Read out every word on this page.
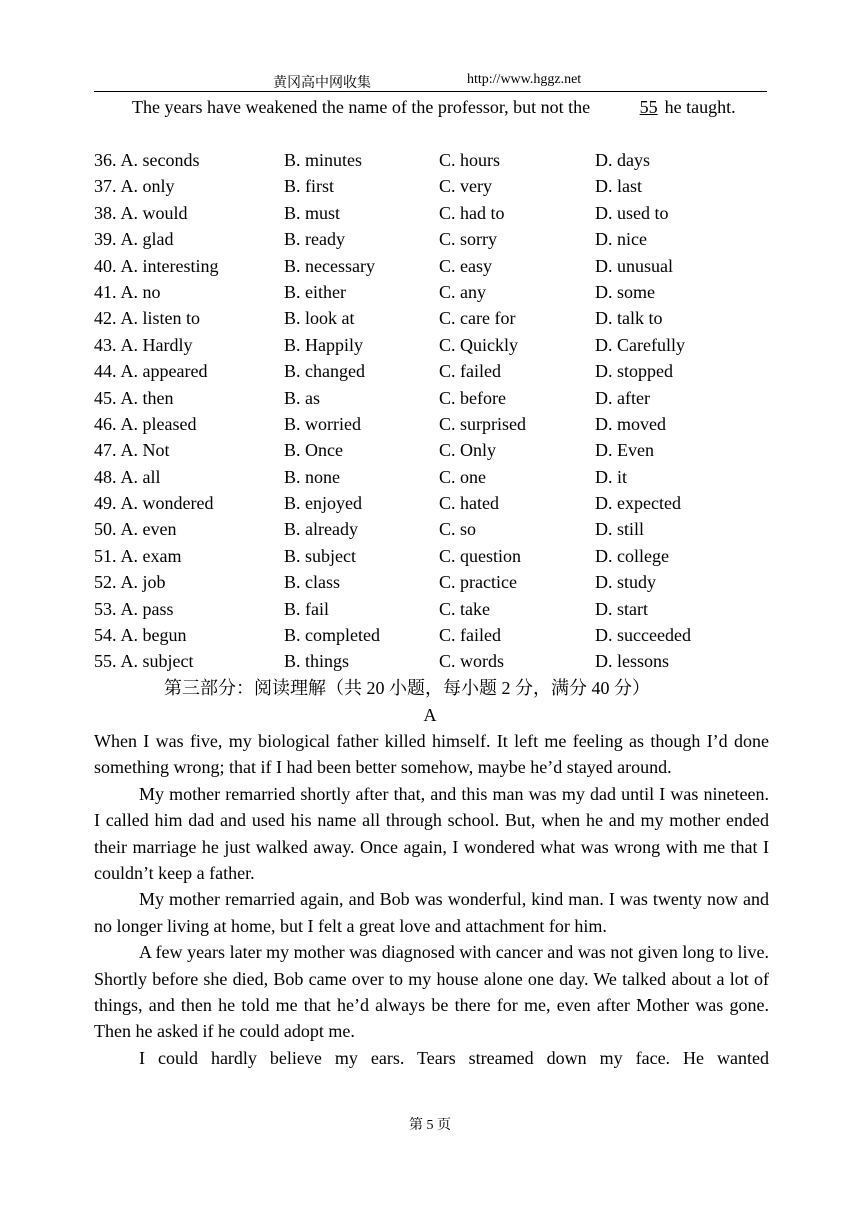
黄冈高中网收集	http://www.hggz.net

The years have weakened the name of the professor, but not the	55 he taught.

36. A. seconds	B. minutes	C. hours	D. days
37. A. only	B. first	C. very	D. last
38. A. would	B. must	C. had to	D. used to
39. A. glad	B. ready	C. sorry	D. nice
40. A. interesting	B. necessary	C. easy	D. unusual
41. A. no	B. either	C. any	D. some
42. A. listen to	B. look at	C. care for	D. talk to
43. A. Hardly	B. Happily	C. Quickly	D. Carefully
44. A. appeared	B. changed	C. failed	D. stopped
45. A. then	B. as	C. before	D. after
46. A. pleased	B. worried	C. surprised	D. moved
47. A. Not	B. Once	C. Only	D. Even
48. A. all	B. none	C. one	D. it
49. A. wondered	B. enjoyed	C. hated	D. expected
50. A. even	B. already	C. so	D. still
51. A. exam	B. subject	C. question	D. college
52. A. job	B. class	C. practice	D. study
53. A. pass	B. fail	C. take	D. start
54. A. begun	B. completed	C. failed	D. succeeded
55. A. subject	B. things	C. words	D. lessons
第三部分：阅读理解（共 20 小题，每小题 2 分，满分 40 分）
A

When I was five, my biological father killed himself. It left me feeling as though I’d done something wrong; that if I had been better somehow, maybe he’d stayed around.

My mother remarried shortly after that, and this man was my dad until I was nineteen. I called him dad and used his name all through school. But, when he and my mother ended their marriage he just walked away. Once again, I wondered what was wrong with me that I couldn’t keep a father.

My mother remarried again, and Bob was wonderful, kind man. I was twenty now and no longer living at home, but I felt a great love and attachment for him.

A few years later my mother was diagnosed with cancer and was not given long to live. Shortly before she died, Bob came over to my house alone one day. We talked about a lot of things, and then he told me that he’d always be there for me, even after Mother was gone. Then he asked if he could adopt me.

I could hardly believe my ears. Tears streamed down my face. He wanted

第 5 页
